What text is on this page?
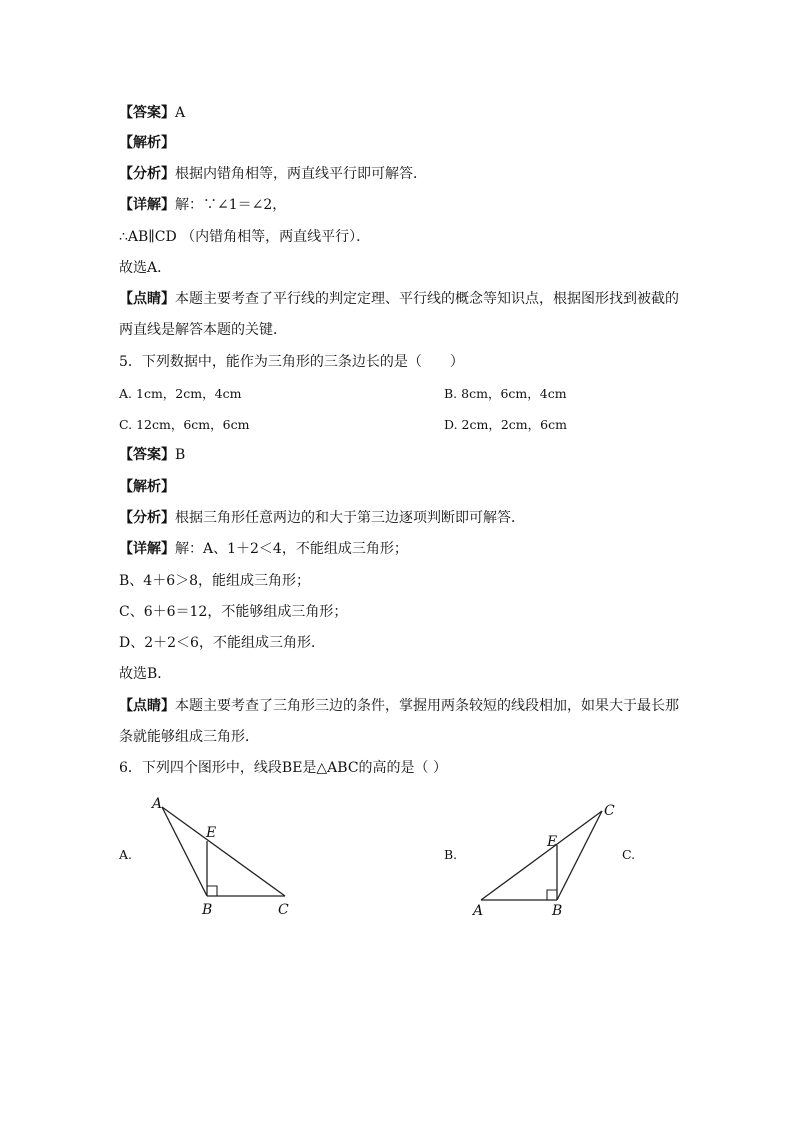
【答案】A
【解析】
【分析】根据内错角相等，两直线平行即可解答．
【详解】解：∵∠1＝∠2，
∴AB∥CD （内错角相等，两直线平行）．
故选A．
【点睛】本题主要考查了平行线的判定定理、平行线的概念等知识点，根据图形找到被截的
两直线是解答本题的关键．
5．下列数据中，能作为三角形的三条边长的是（　　）
A. 1cm，2cm，4cm	B. 8cm，6cm，4cm
C. 12cm，6cm，6cm	D. 2cm，2cm，6cm
【答案】B
【解析】
【分析】根据三角形任意两边的和大于第三边逐项判断即可解答．
【详解】解：A、1＋2＜4，不能组成三角形；
B、4＋6＞8，能组成三角形；
C、6＋6＝12，不能够组成三角形；
D、2＋2＜6，不能组成三角形．
故选B．
【点睛】本题主要考查了三角形三边的条件，掌握用两条较短的线段相加，如果大于最长那
条就能够组成三角形．
6．下列四个图形中，线段BE是△ABC的高的是（ ）
A.	B.	C.
A
E
B	C	A
E
B
C
